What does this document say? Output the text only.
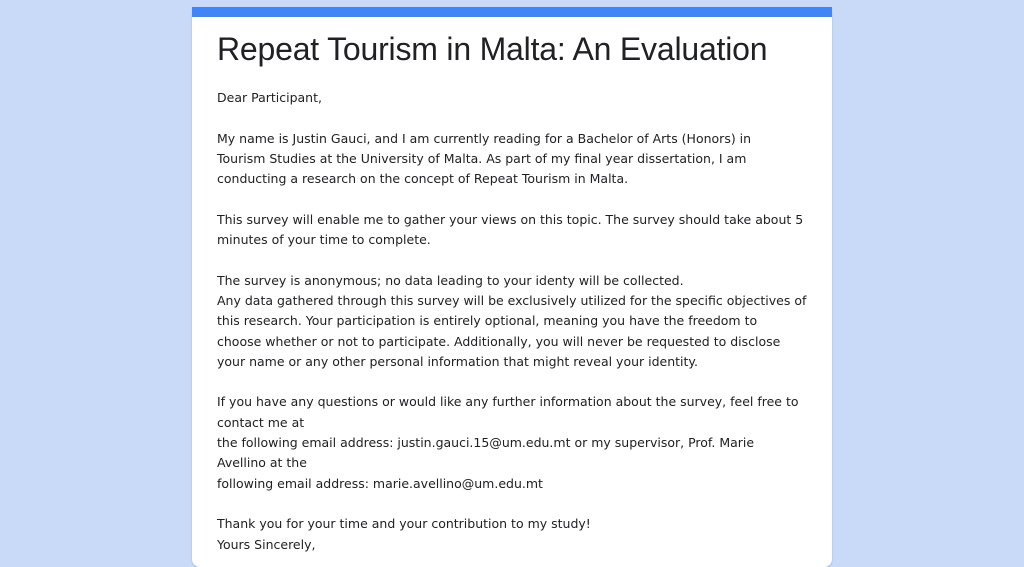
Repeat Tourism in Malta: An Evaluation
Dear Participant,
My name is Justin Gauci, and I am currently reading for a Bachelor of Arts (Honors) in
Tourism Studies at the University of Malta. As part of my final year dissertation, I am
conducting a research on the concept of Repeat Tourism in Malta.
This survey will enable me to gather your views on this topic. The survey should take about 5
minutes of your time to complete.
The survey is anonymous; no data leading to your identy will be collected.
Any data gathered through this survey will be exclusively utilized for the specific objectives of
this research. Your participation is entirely optional, meaning you have the freedom to
choose whether or not to participate. Additionally, you will never be requested to disclose
your name or any other personal information that might reveal your identity.
If you have any questions or would like any further information about the survey, feel free to
contact me at
the following email address: justin.gauci.15@um.edu.mt or my supervisor, Prof. Marie
Avellino at the
following email address: marie.avellino@um.edu.mt
Thank you for your time and your contribution to my study!
Yours Sincerely,
